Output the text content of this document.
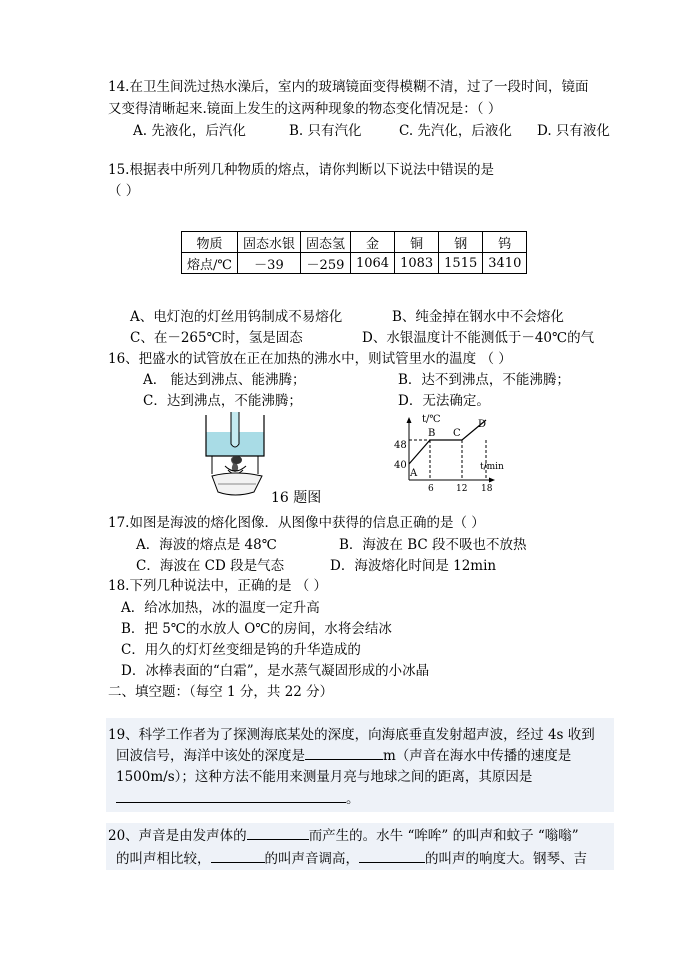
14.在卫生间洗过热水澡后，室内的玻璃镜面变得模糊不清，过了一段时间，镜面
又变得清晰起来.镜面上发生的这两种现象的物态变化情况是：（ ）
A. 先液化，后汽化	B. 只有汽化	C. 先汽化，后液化 D. 只有液化
15.根据表中所列几种物质的熔点，请你判断以下说法中错误的是
（ ）
物质	固态水银	固态氢	金	铜	钢	钨
熔点/℃	－39	－259	1064	1083	1515	3410
A、电灯泡的灯丝用钨制成不易熔化	B、纯金掉在钢水中不会熔化
C、在－265℃时，氢是固态	D、水银温度计不能测低于－40℃的气
16、把盛水的试管放在正在加热的沸水中，则试管里水的温度 （ ）
A． 能达到沸点、能沸腾；	B．达不到沸点，不能沸腾；
C．达到沸点，不能沸腾；	D．无法确定。
16 题图
t/℃
t/min
48
40
6 12 18
A
B C
D
17.如图是海波的熔化图像．从图像中获得的信息正确的是（ ）
A．海波的熔点是 48℃	B．海波在 BC 段不吸也不放热
C．海波在 CD 段是气态	D．海波熔化时间是 12min
18.下列几种说法中，正确的是 （ ）
A．给冰加热，冰的温度一定升高
B．把 5℃的水放人 O℃的房间，水将会结冰
C．用久的灯灯丝变细是钨的升华造成的
D．冰棒表面的“白霜”，是水蒸气凝固形成的小冰晶
二、填空题：（每空 1 分，共 22 分）
19、科学工作者为了探测海底某处的深度，向海底垂直发射超声波，经过 4s 收到
回波信号，海洋中该处的深度是	m（声音在海水中传播的速度是
1500m/s）；这种方法不能用来测量月亮与地球之间的距离，其原因是
。
20、声音是由发声体的	而产生的。水牛 “哞哞” 的叫声和蚊子 “嗡嗡”
的叫声相比较，	的叫声音调高，	的叫声的响度大。钢琴、吉
